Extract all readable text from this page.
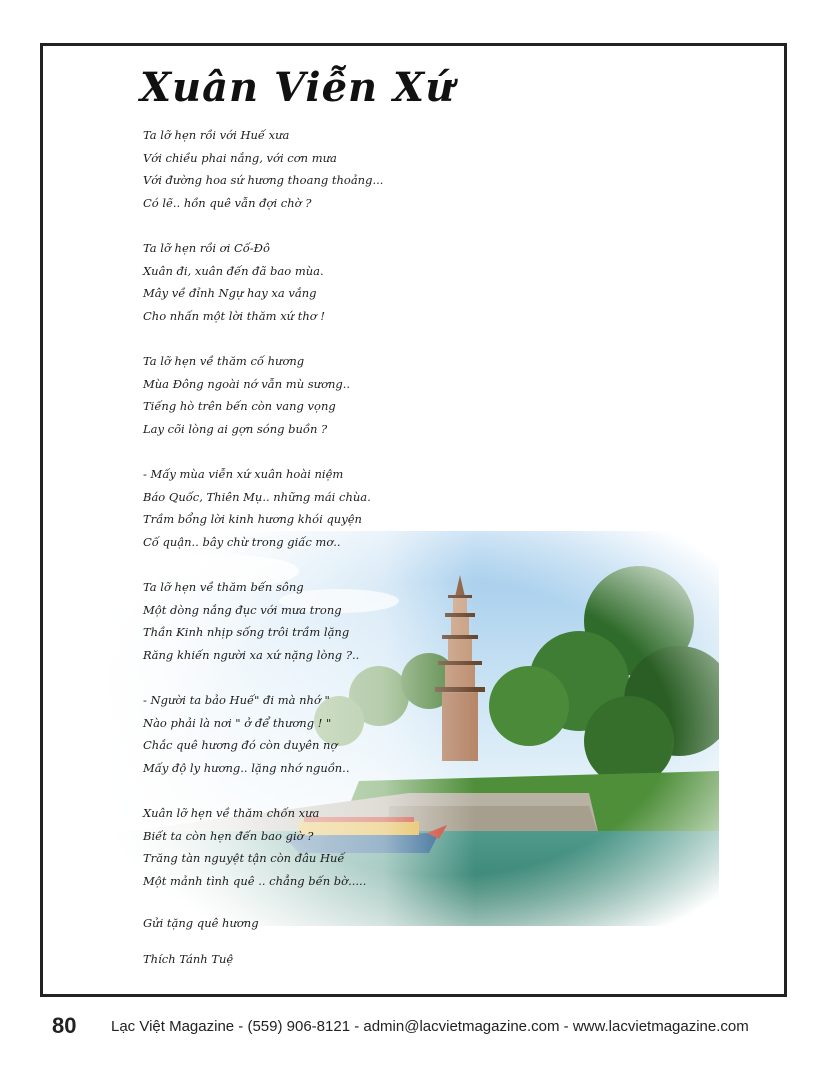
Xuân Viễn Xứ
Ta lỡ hẹn rồi với Huế xưa
Với chiều phai nắng, với cơn mưa
Với đường hoa sứ hương thoang thoảng...
Có lẽ.. hồn quê vẫn đợi chờ ?
Ta lỡ hẹn rồi ơi Cố-Đô
Xuân đi, xuân đến đã bao mùa.
Mây về đỉnh Ngự hay xa vắng
Cho nhấn một lời thăm xứ thơ !
Ta lỡ hẹn về thăm cố hương
Mùa Đông ngoài nớ vẫn mù sương..
Tiếng hò trên bến còn vang vọng
Lay cõi lòng ai gợn sóng buồn ?
- Mấy mùa viễn xứ xuân hoài niệm
Báo Quốc, Thiên Mụ.. những mái chùa.
Trầm bổng lời kinh hương khói quyện
Cố quận.. bây chừ trong giấc mơ..
Ta lỡ hẹn về thăm bến sông
Một dòng nắng đục với mưa trong
Thần Kinh nhịp sống trôi trầm lặng
Răng khiến người xa xứ nặng lòng ?..
- Người ta bảo Huế" đi mà nhớ "
Nào phải là nơi " ở để thương ! "
Chắc quê hương đó còn duyên nợ
Mấy độ ly hương.. lặng nhớ nguồn..
Xuân lỡ hẹn về thăm chốn xưa
Biết ta còn hẹn đến bao giờ ?
Trăng tàn nguyệt tận còn đâu Huế
Một mảnh tình quê .. chẳng bến bờ.....
Gửi tặng quê hương
Thích Tánh Tuệ
80 Lạc Việt Magazine - (559) 906-8121 - admin@lacvietmagazine.com - www.lacvietmagazine.com
